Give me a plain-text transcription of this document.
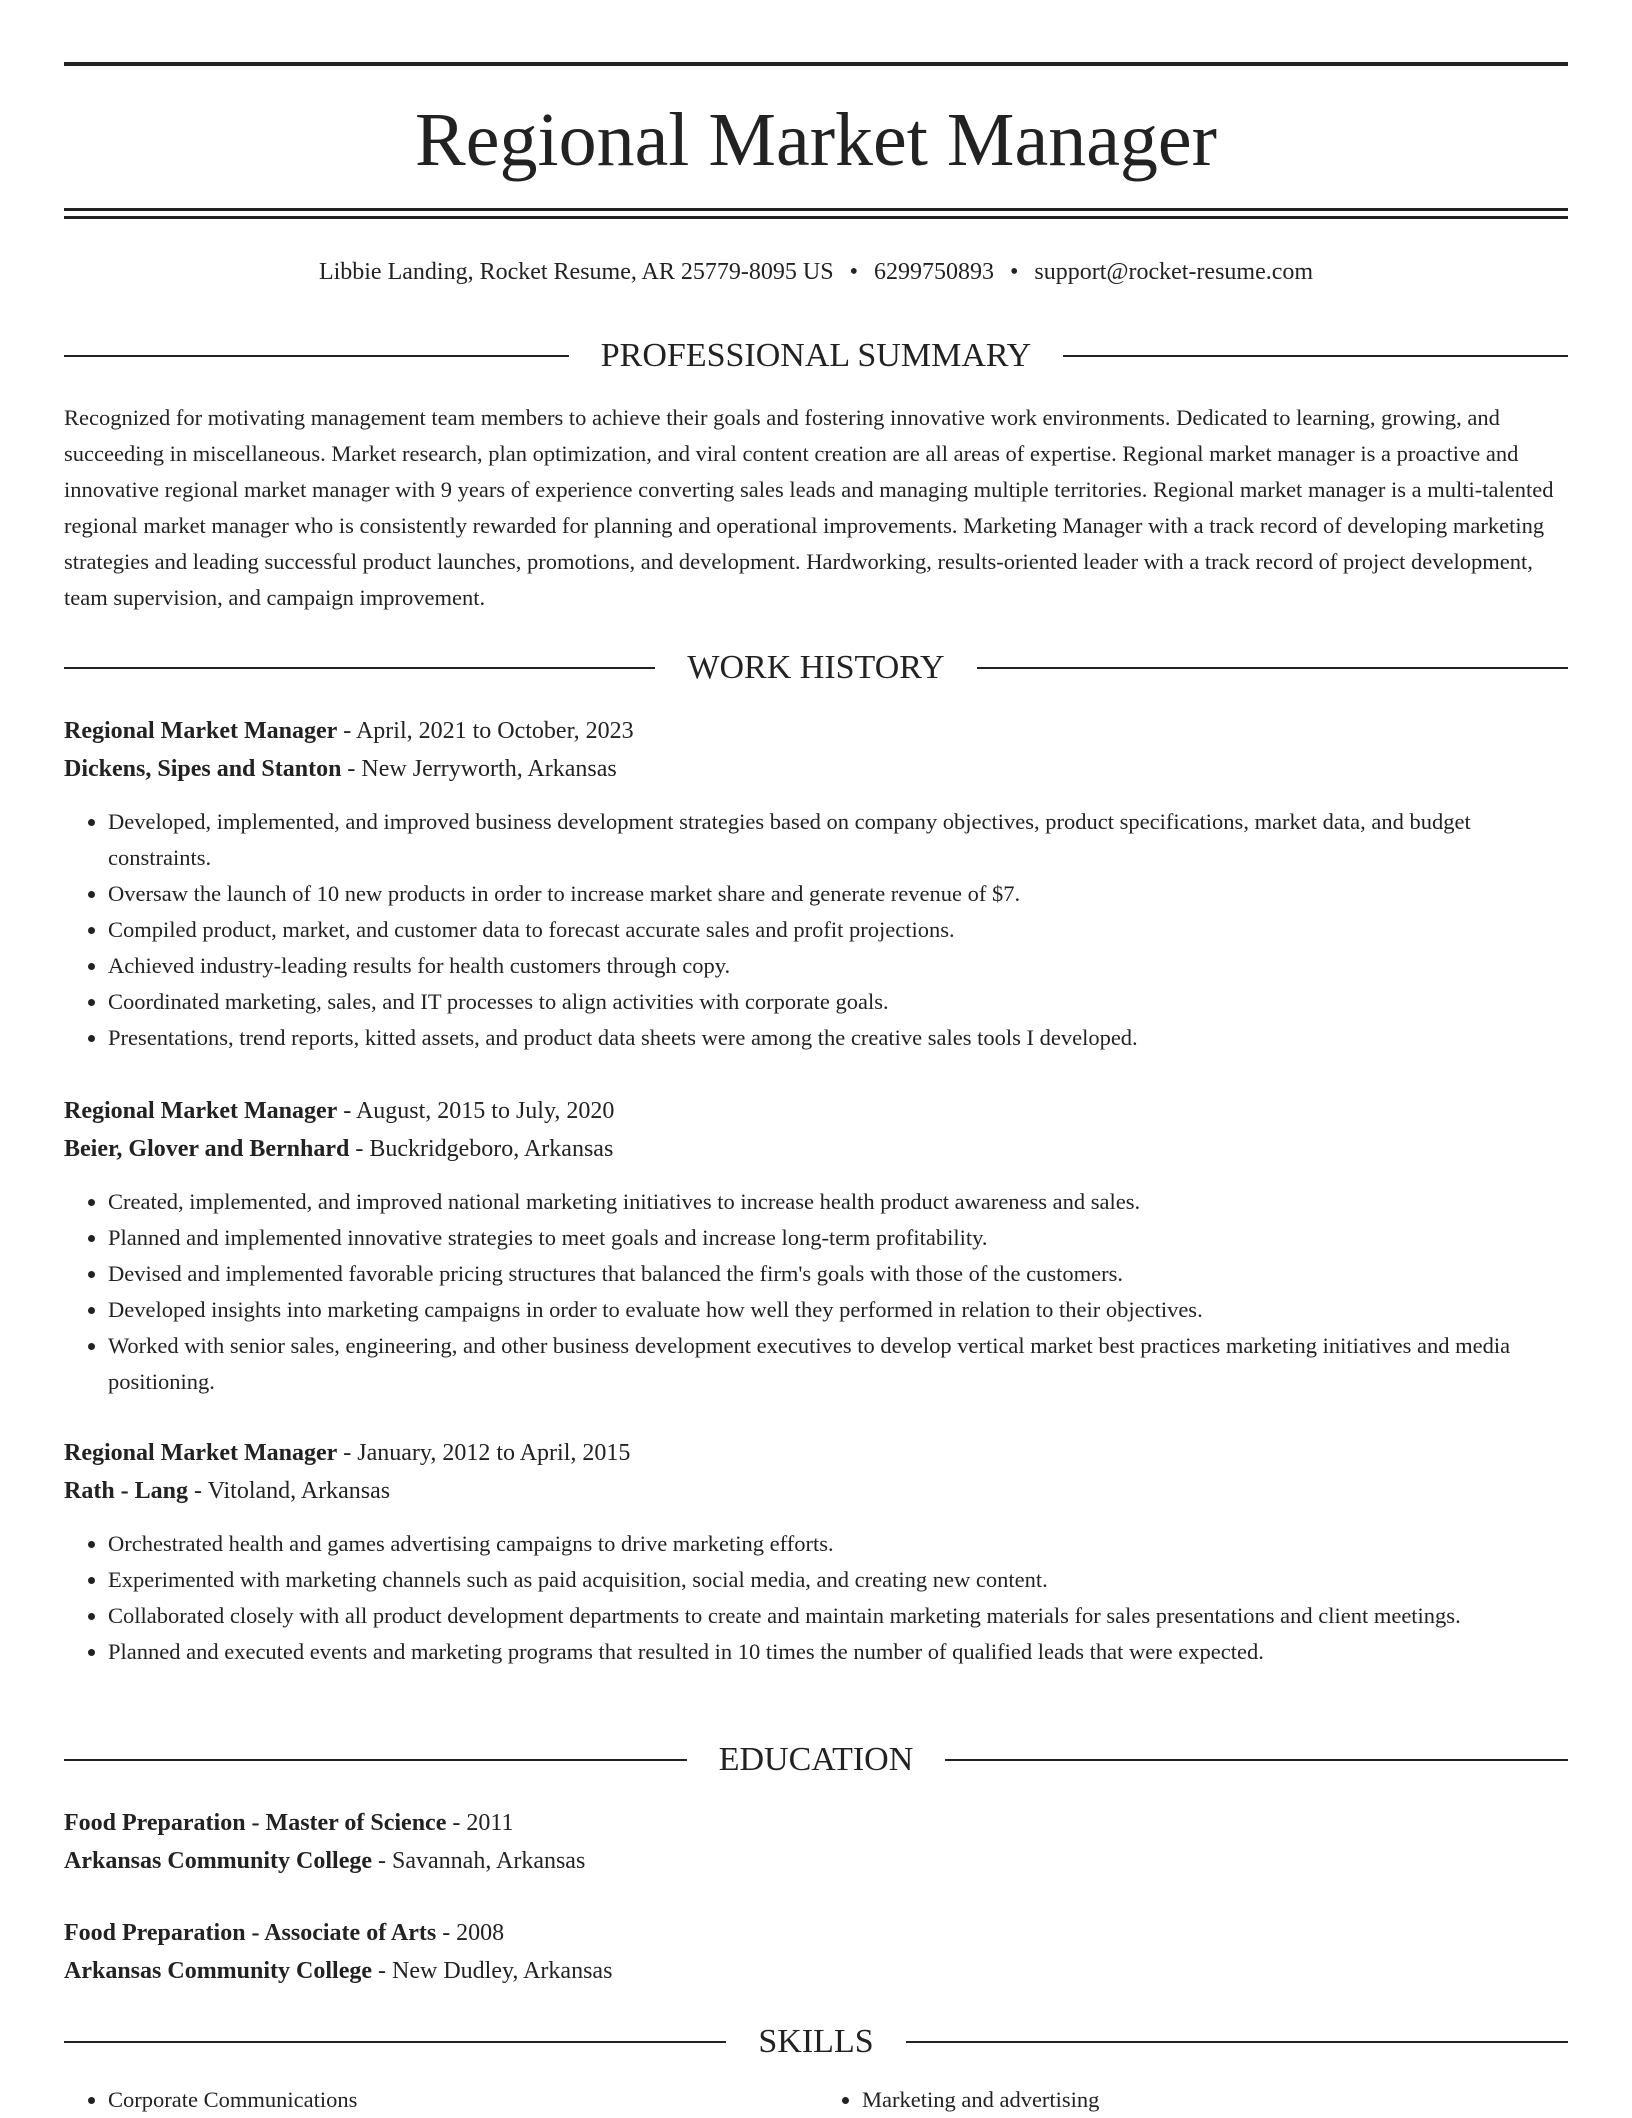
Regional Market Manager
Libbie Landing, Rocket Resume, AR 25779-8095 US • 6299750893 • support@rocket-resume.com
PROFESSIONAL SUMMARY

Recognized for motivating management team members to achieve their goals and fostering innovative work environments. Dedicated to learning, growing, and succeeding in miscellaneous. Market research, plan optimization, and viral content creation are all areas of expertise. Regional market manager is a proactive and innovative regional market manager with 9 years of experience converting sales leads and managing multiple territories. Regional market manager is a multi-talented regional market manager who is consistently rewarded for planning and operational improvements. Marketing Manager with a track record of developing marketing strategies and leading successful product launches, promotions, and development. Hardworking, results-oriented leader with a track record of project development, team supervision, and campaign improvement.

WORK HISTORY
Regional Market Manager - April, 2021 to October, 2023
Dickens, Sipes and Stanton - New Jerryworth, Arkansas
• Developed, implemented, and improved business development strategies based on company objectives, product specifications, market data, and budget constraints.
• Oversaw the launch of 10 new products in order to increase market share and generate revenue of $7.
• Compiled product, market, and customer data to forecast accurate sales and profit projections.
• Achieved industry-leading results for health customers through copy.
• Coordinated marketing, sales, and IT processes to align activities with corporate goals.
• Presentations, trend reports, kitted assets, and product data sheets were among the creative sales tools I developed.
Regional Market Manager - August, 2015 to July, 2020
Beier, Glover and Bernhard - Buckridgeboro, Arkansas
• Created, implemented, and improved national marketing initiatives to increase health product awareness and sales.
• Planned and implemented innovative strategies to meet goals and increase long-term profitability.
• Devised and implemented favorable pricing structures that balanced the firm's goals with those of the customers.
• Developed insights into marketing campaigns in order to evaluate how well they performed in relation to their objectives.
• Worked with senior sales, engineering, and other business development executives to develop vertical market best practices marketing initiatives and media positioning.
Regional Market Manager - January, 2012 to April, 2015
Rath - Lang - Vitoland, Arkansas
• Orchestrated health and games advertising campaigns to drive marketing efforts.
• Experimented with marketing channels such as paid acquisition, social media, and creating new content.
• Collaborated closely with all product development departments to create and maintain marketing materials for sales presentations and client meetings.
• Planned and executed events and marketing programs that resulted in 10 times the number of qualified leads that were expected.
EDUCATION
Food Preparation - Master of Science - 2011
Arkansas Community College - Savannah, Arkansas
Food Preparation - Associate of Arts - 2008
Arkansas Community College - New Dudley, Arkansas
SKILLS
• Corporate Communications
•	Marketing and advertising
